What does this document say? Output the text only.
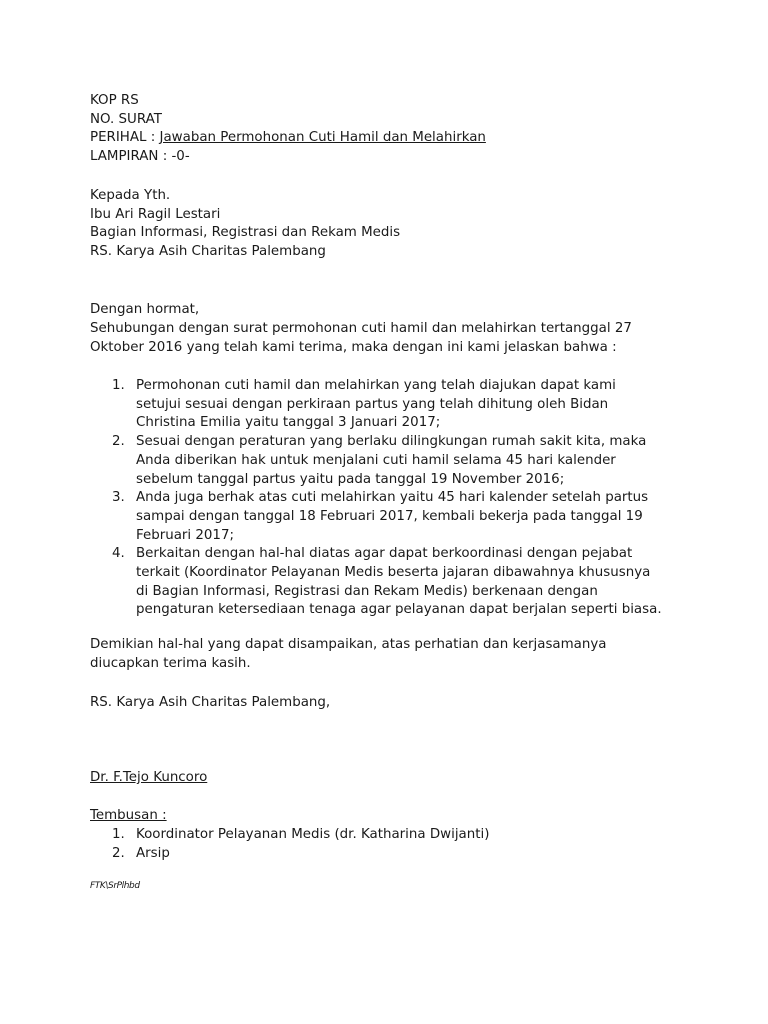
KOP RS
NO. SURAT
PERIHAL : Jawaban Permohonan Cuti Hamil dan Melahirkan
LAMPIRAN : -0-
Kepada Yth.
Ibu Ari Ragil Lestari
Bagian Informasi, Registrasi dan Rekam Medis
RS. Karya Asih Charitas Palembang
Dengan hormat,
Sehubungan dengan surat permohonan cuti hamil dan melahirkan tertanggal 27
Oktober 2016 yang telah kami terima, maka dengan ini kami jelaskan bahwa :
1. Permohonan cuti hamil dan melahirkan yang telah diajukan dapat kami
setujui sesuai dengan perkiraan partus yang telah dihitung oleh Bidan
Christina Emilia yaitu tanggal 3 Januari 2017;
2. Sesuai dengan peraturan yang berlaku dilingkungan rumah sakit kita, maka
Anda diberikan hak untuk menjalani cuti hamil selama 45 hari kalender
sebelum tanggal partus yaitu pada tanggal 19 November 2016;
3. Anda juga berhak atas cuti melahirkan yaitu 45 hari kalender setelah partus
sampai dengan tanggal 18 Februari 2017, kembali bekerja pada tanggal 19
Februari 2017;
4. Berkaitan dengan hal-hal diatas agar dapat berkoordinasi dengan pejabat
terkait (Koordinator Pelayanan Medis beserta jajaran dibawahnya khususnya
di Bagian Informasi, Registrasi dan Rekam Medis) berkenaan dengan
pengaturan ketersediaan tenaga agar pelayanan dapat berjalan seperti biasa.
Demikian hal-hal yang dapat disampaikan, atas perhatian dan kerjasamanya
diucapkan terima kasih.
RS. Karya Asih Charitas Palembang,
Dr. F.Tejo Kuncoro
Tembusan :
1. Koordinator Pelayanan Medis (dr. Katharina Dwijanti)
2. Arsip
FTK\SrPlhbd
